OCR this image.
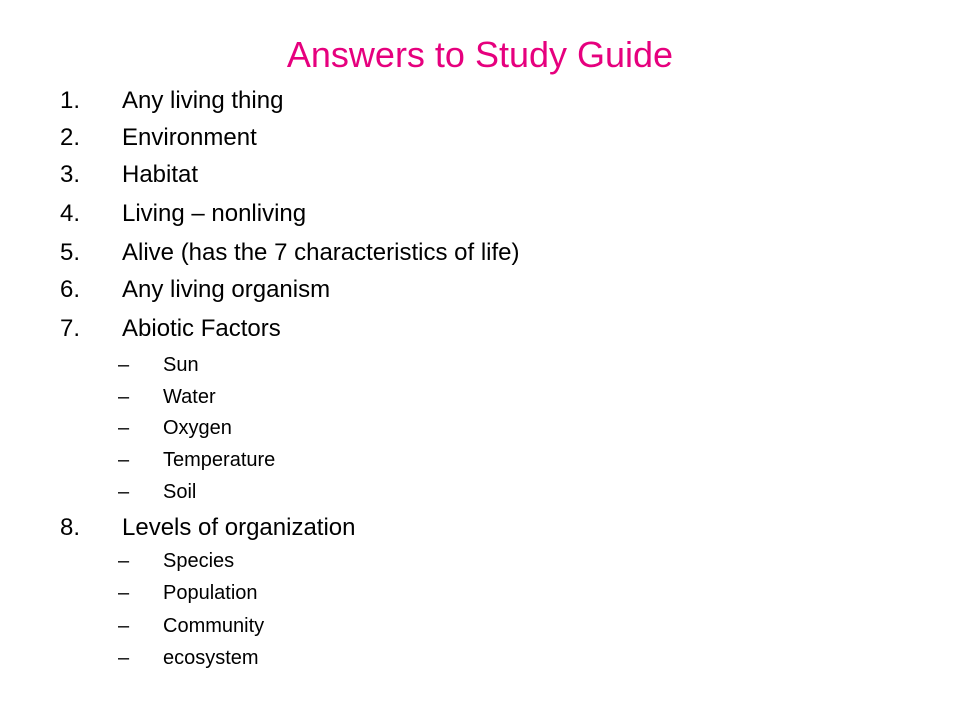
Answers to Study Guide
1. Any living thing
2. Environment
3. Habitat
4. Living – nonliving
5. Alive (has the 7 characteristics of life)
6. Any living organism
7. Abiotic Factors
– Sun
– Water
– Oxygen
– Temperature
– Soil
8. Levels of organization
– Species
– Population
– Community
– ecosystem
